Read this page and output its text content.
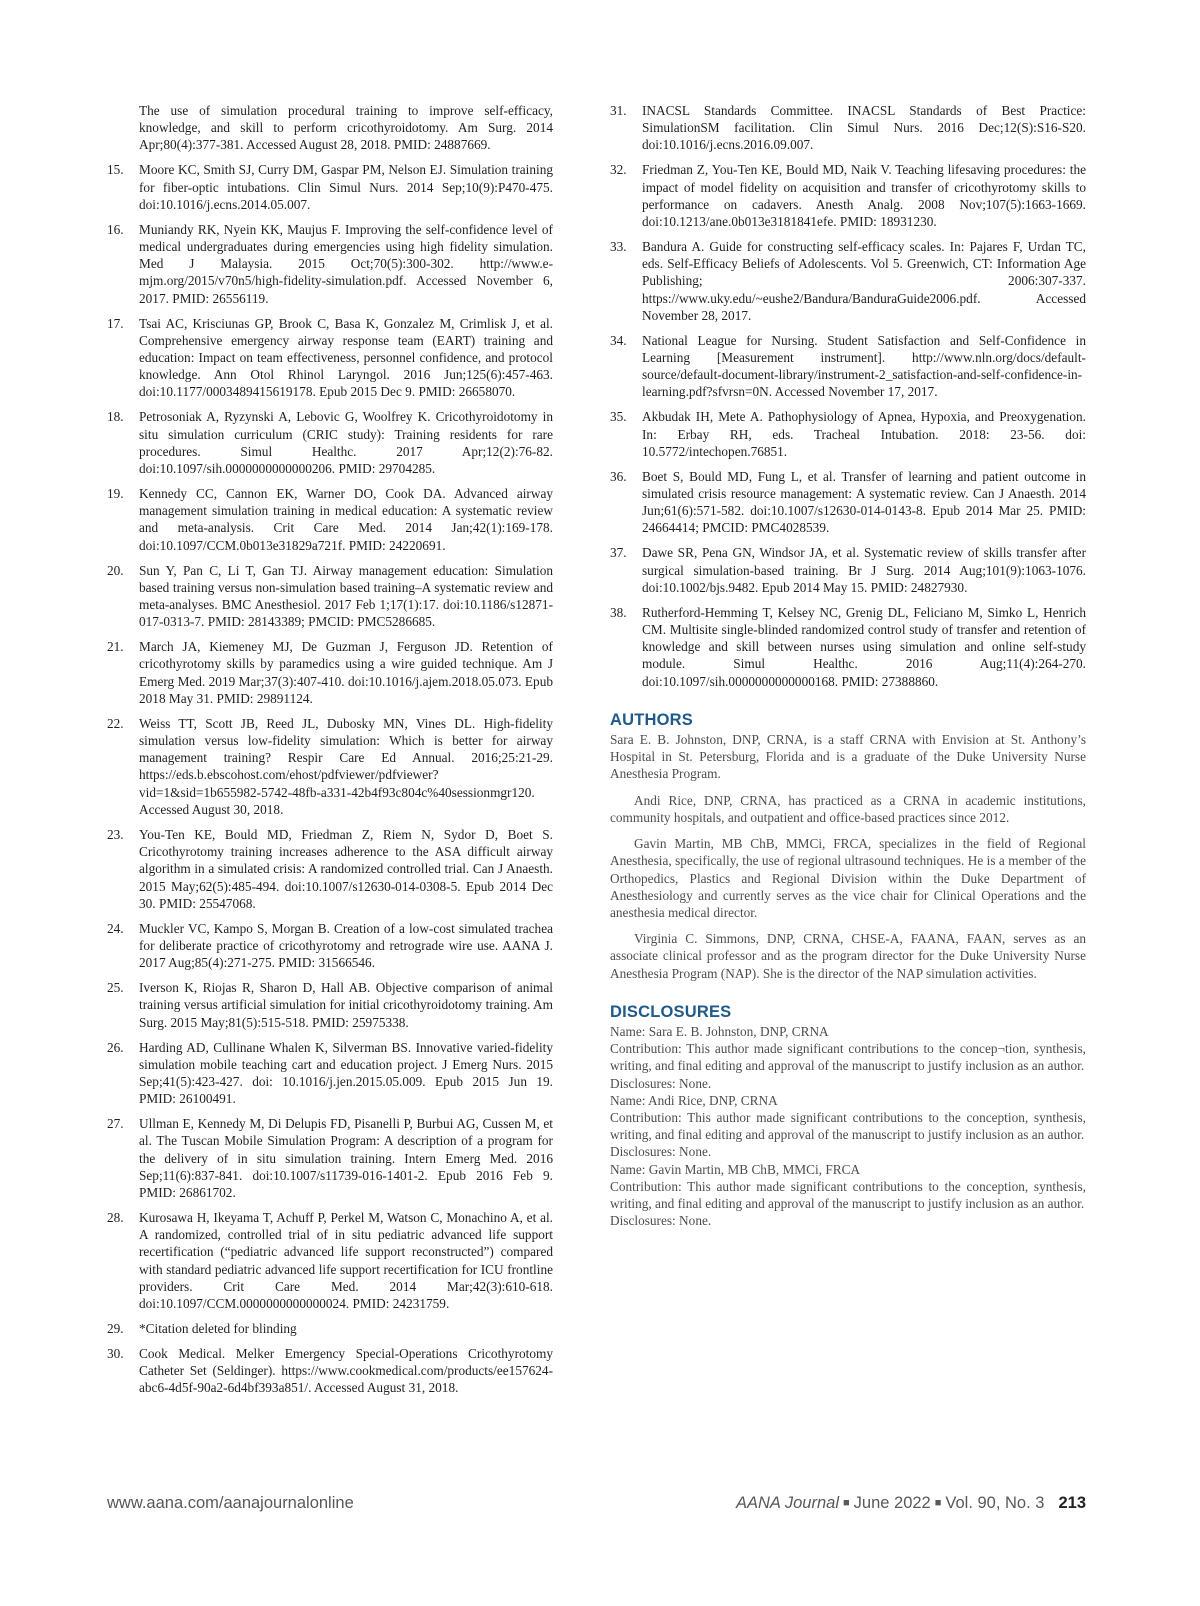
The use of simulation procedural training to improve self-efficacy, knowledge, and skill to perform cricothyroidotomy. Am Surg. 2014 Apr;80(4):377-381. Accessed August 28, 2018. PMID: 24887669.

15.	Moore KC, Smith SJ, Curry DM, Gaspar PM, Nelson EJ. Simulation training for fiber-optic intubations. Clin Simul Nurs. 2014 Sep;10(9):P470-475. doi:10.1016/j.ecns.2014.05.007.
16.	Muniandy RK, Nyein KK, Maujus F. Improving the self-confidence level of medical undergraduates during emergencies using high fidelity simulation. Med J Malaysia. 2015 Oct;70(5):300-302. http://www.e-mjm.org/2015/v70n5/high-fidelity-simulation.pdf. Accessed November 6, 2017. PMID: 26556119.
17.	Tsai AC, Krisciunas GP, Brook C, Basa K, Gonzalez M, Crimlisk J, et al. Comprehensive emergency airway response team (EART) training and education: Impact on team effectiveness, personnel confidence, and protocol knowledge. Ann Otol Rhinol Laryngol. 2016 Jun;125(6):457-463. doi:10.1177/0003489415619178. Epub 2015 Dec 9. PMID: 26658070.
18.	Petrosoniak A, Ryzynski A, Lebovic G, Woolfrey K. Cricothyroidotomy in situ simulation curriculum (CRIC study): Training residents for rare procedures. Simul Healthc. 2017 Apr;12(2):76-82. doi:10.1097/sih.0000000000000206. PMID: 29704285.
19.	Kennedy CC, Cannon EK, Warner DO, Cook DA. Advanced airway management simulation training in medical education: A systematic review and meta-analysis. Crit Care Med. 2014 Jan;42(1):169-178. doi:10.1097/CCM.0b013e31829a721f. PMID: 24220691.
20.	Sun Y, Pan C, Li T, Gan TJ. Airway management education: Simulation based training versus non-simulation based training–A systematic review and meta-analyses. BMC Anesthesiol. 2017 Feb 1;17(1):17. doi:10.1186/s12871-017-0313-7. PMID: 28143389; PMCID: PMC5286685.
21.	March JA, Kiemeney MJ, De Guzman J, Ferguson JD. Retention of cricothyrotomy skills by paramedics using a wire guided technique. Am J Emerg Med. 2019 Mar;37(3):407-410. doi:10.1016/j.ajem.2018.05.073. Epub 2018 May 31. PMID: 29891124.
22.	Weiss TT, Scott JB, Reed JL, Dubosky MN, Vines DL. High-fidelity simulation versus low-fidelity simulation: Which is better for airway management training? Respir Care Ed Annual. 2016;25:21-29. https://eds.b.ebscohost.com/ehost/pdfviewer/pdfviewer?vid=1&sid=1b655982-5742-48fb-a331-42b4f93c804c%40sessionmgr120. Accessed August 30, 2018.
23.	You-Ten KE, Bould MD, Friedman Z, Riem N, Sydor D, Boet S. Cricothyrotomy training increases adherence to the ASA difficult airway algorithm in a simulated crisis: A randomized controlled trial. Can J Anaesth. 2015 May;62(5):485-494. doi:10.1007/s12630-014-0308-5. Epub 2014 Dec 30. PMID: 25547068.
24.	Muckler VC, Kampo S, Morgan B. Creation of a low-cost simulated trachea for deliberate practice of cricothyrotomy and retrograde wire use. AANA J. 2017 Aug;85(4):271-275. PMID: 31566546.
25.	Iverson K, Riojas R, Sharon D, Hall AB. Objective comparison of animal training versus artificial simulation for initial cricothyroidotomy training. Am Surg. 2015 May;81(5):515-518. PMID: 25975338.
26.	Harding AD, Cullinane Whalen K, Silverman BS. Innovative varied-fidelity simulation mobile teaching cart and education project. J Emerg Nurs. 2015 Sep;41(5):423-427. doi: 10.1016/j.jen.2015.05.009. Epub 2015 Jun 19. PMID: 26100491.
27.	Ullman E, Kennedy M, Di Delupis FD, Pisanelli P, Burbui AG, Cussen M, et al. The Tuscan Mobile Simulation Program: A description of a program for the delivery of in situ simulation training. Intern Emerg Med. 2016 Sep;11(6):837-841. doi:10.1007/s11739-016-1401-2. Epub 2016 Feb 9. PMID: 26861702.
28.	Kurosawa H, Ikeyama T, Achuff P, Perkel M, Watson C, Monachino A, et al. A randomized, controlled trial of in situ pediatric advanced life support recertification (“pediatric advanced life support reconstructed”) compared with standard pediatric advanced life support recertification for ICU frontline providers. Crit Care Med. 2014 Mar;42(3):610-618. doi:10.1097/CCM.0000000000000024. PMID: 24231759.
29.	*Citation deleted for blinding
30.	Cook Medical. Melker Emergency Special-Operations Cricothyrotomy Catheter Set (Seldinger). https://www.cookmedical.com/products/ee157624-abc6-4d5f-90a2-6d4bf393a851/. Accessed August 31, 2018.
31.	INACSL Standards Committee. INACSL Standards of Best Practice: SimulationSM facilitation. Clin Simul Nurs. 2016 Dec;12(S):S16-S20. doi:10.1016/j.ecns.2016.09.007.
32.	Friedman Z, You-Ten KE, Bould MD, Naik V. Teaching lifesaving procedures: the impact of model fidelity on acquisition and transfer of cricothyrotomy skills to performance on cadavers. Anesth Analg. 2008 Nov;107(5):1663-1669. doi:10.1213/ane.0b013e3181841efe. PMID: 18931230.
33.	Bandura A. Guide for constructing self-efficacy scales. In: Pajares F, Urdan TC, eds. Self-Efficacy Beliefs of Adolescents. Vol 5. Greenwich, CT: Information Age Publishing; 2006:307-337. https://www.uky.edu/~eushe2/Bandura/BanduraGuide2006.pdf. Accessed November 28, 2017.
34.	National League for Nursing. Student Satisfaction and Self-Confidence in Learning [Measurement instrument]. http://www.nln.org/docs/default-source/default-document-library/instrument-2_satisfaction-and-self-confidence-in-learning.pdf?sfvrsn=0N. Accessed November 17, 2017.
35.	Akbudak IH, Mete A. Pathophysiology of Apnea, Hypoxia, and Preoxygenation. In: Erbay RH, eds. Tracheal Intubation. 2018: 23-56. doi: 10.5772/intechopen.76851.
36.	Boet S, Bould MD, Fung L, et al. Transfer of learning and patient outcome in simulated crisis resource management: A systematic review. Can J Anaesth. 2014 Jun;61(6):571-582. doi:10.1007/s12630-014-0143-8. Epub 2014 Mar 25. PMID: 24664414; PMCID: PMC4028539.
37.	Dawe SR, Pena GN, Windsor JA, et al. Systematic review of skills transfer after surgical simulation-based training. Br J Surg. 2014 Aug;101(9):1063-1076. doi:10.1002/bjs.9482. Epub 2014 May 15. PMID: 24827930.
38.	Rutherford-Hemming T, Kelsey NC, Grenig DL, Feliciano M, Simko L, Henrich CM. Multisite single-blinded randomized control study of transfer and retention of knowledge and skill between nurses using simulation and online self-study module. Simul Healthc. 2016 Aug;11(4):264-270. doi:10.1097/sih.0000000000000168. PMID: 27388860.
AUTHORS

Sara E. B. Johnston, DNP, CRNA, is a staff CRNA with Envision at St. Anthony’s Hospital in St. Petersburg, Florida and is a graduate of the Duke University Nurse Anesthesia Program.

Andi Rice, DNP, CRNA, has practiced as a CRNA in academic institutions, community hospitals, and outpatient and office-based practices since 2012.

Gavin Martin, MB ChB, MMCi, FRCA, specializes in the field of Regional Anesthesia, specifically, the use of regional ultrasound techniques. He is a member of the Orthopedics, Plastics and Regional Division within the Duke Department of Anesthesiology and currently serves as the vice chair for Clinical Operations and the anesthesia medical director.

Virginia C. Simmons, DNP, CRNA, CHSE-A, FAANA, FAAN, serves as an associate clinical professor and as the program director for the Duke University Nurse Anesthesia Program (NAP). She is the director of the NAP simulation activities.

DISCLOSURES

Name: Sara E. B. Johnston, DNP, CRNA

Contribution: This author made significant contributions to the concep¬tion, synthesis, writing, and final editing and approval of the manuscript to justify inclusion as an author.

Disclosures: None.

Name: Andi Rice, DNP, CRNA

Contribution: This author made significant contributions to the conception, synthesis, writing, and final editing and approval of the manuscript to justify inclusion as an author.

Disclosures: None.

Name: Gavin Martin, MB ChB, MMCi, FRCA

Contribution: This author made significant contributions to the conception, synthesis, writing, and final editing and approval of the manuscript to justify inclusion as an author.

Disclosures: None.

www.aana.com/aanajournalonline	AANA Journal ■ June 2022 ■ Vol. 90, No. 3 213
